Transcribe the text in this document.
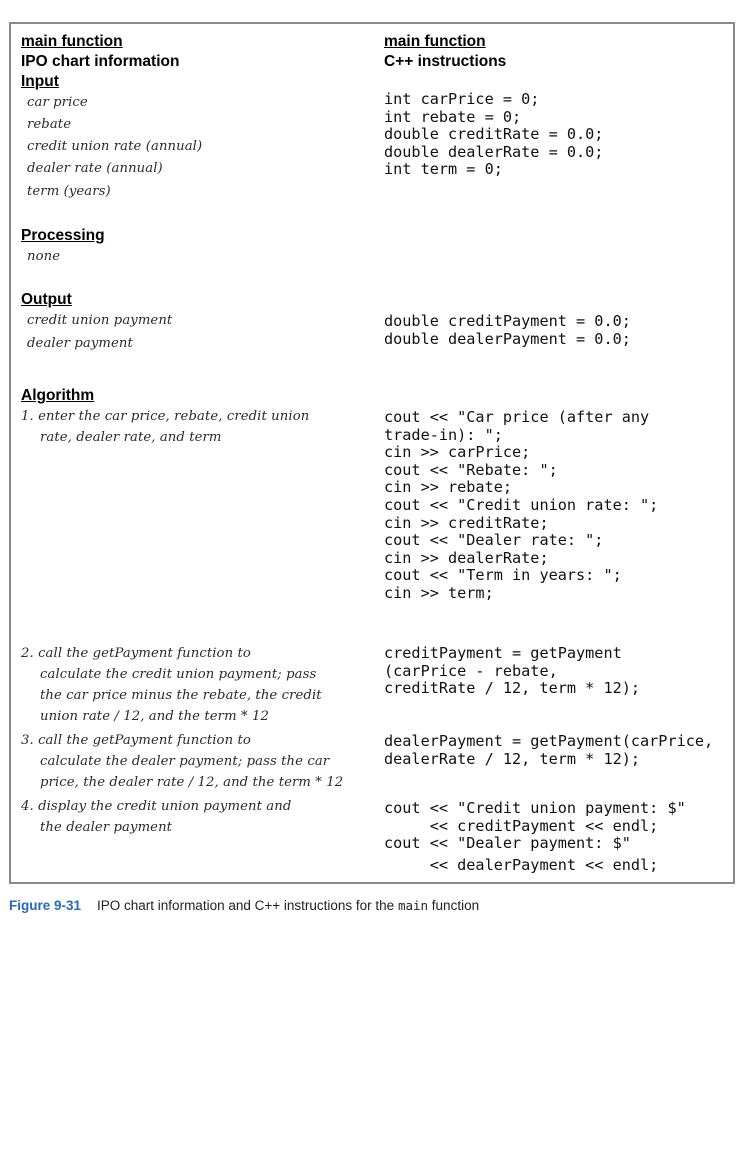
main function
IPO chart information
Input
car price
rebate
credit union rate (annual)
dealer rate (annual)
term (years)
Processing
none
Output
credit union payment
dealer payment
Algorithm
1. enter the car price, rebate, credit union
rate, dealer rate, and term
2. call the getPayment function to
calculate the credit union payment; pass
the car price minus the rebate, the credit
union rate / 12, and the term * 12
3. call the getPayment function to
calculate the dealer payment; pass the car
price, the dealer rate / 12, and the term * 12
4. display the credit union payment and
the dealer payment
main function
C++ instructions
int carPrice = 0;
int rebate = 0;
double creditRate = 0.0;
double dealerRate = 0.0;
int term = 0;
double creditPayment = 0.0;
double dealerPayment = 0.0;
cout << "Car price (after any
trade-in): ";
cin >> carPrice;
cout << "Rebate: ";
cin >> rebate;
cout << "Credit union rate: ";
cin >> creditRate;
cout << "Dealer rate: ";
cin >> dealerRate;
cout << "Term in years: ";
cin >> term;
creditPayment = getPayment
(carPrice - rebate,
creditRate / 12, term * 12);
dealerPayment = getPayment(carPrice,
dealerRate / 12, term * 12);
cout << "Credit union payment: $"
<< creditPayment << endl;
cout << "Dealer payment: $"
<< dealerPayment << endl;
Figure 9-31 IPO chart information and C++ instructions for the main function
